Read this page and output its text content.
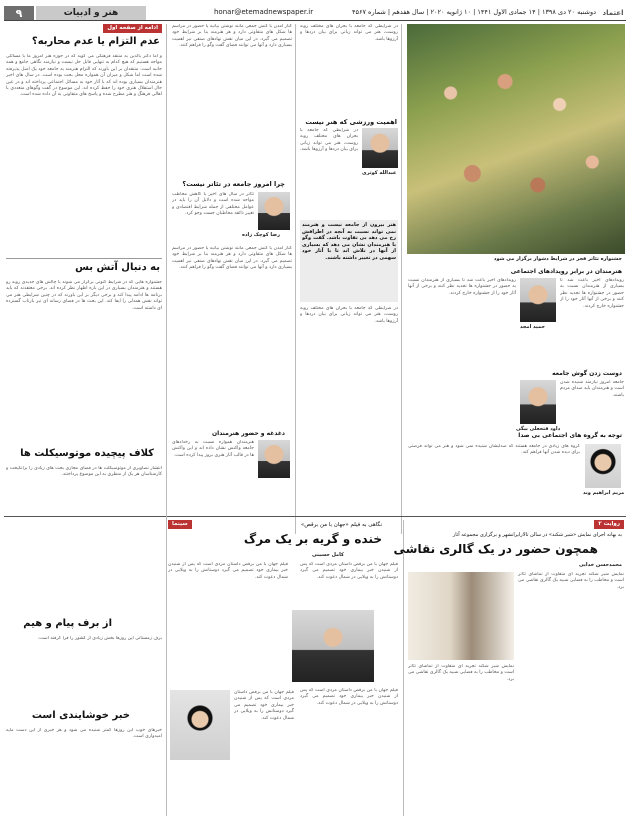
اعتماد
دوشنبه ۲۰ دی ۱۳۹۸ | ۱۴ جمادی الاول ۱۴۴۱ | ۱۰ ژانویه ۲۰۲۰ | سال هفدهم | شماره ۴۵۶۷
honar@etemadnewspaper.ir
هنر و ادبیات
۹
جشنواره تئاتر فجر در شرایط دشوار برگزار می شود
هنرمندان در برابر رویدادهای اجتماعی
حمید امجد
رویدادهای اخیر باعث شد تا بسیاری از هنرمندان نسبت به حضور در جشنواره ها تجدید نظر کنند و برخی از آنها آثار خود را از جشنواره خارج کردند.
رویدادهای اخیر باعث شد تا بسیاری از هنرمندان نسبت به حضور در جشنواره ها تجدید نظر کنند و برخی از آنها آثار خود را از جشنواره خارج کردند.
دوست زدن گوش جامعه
داود فتحعلی بیگی
جامعه امروز نیازمند شنیده شدن است و هنرمندان باید صدای مردم باشند.
توجه به گروه های اجتماعی بی صدا
مریم ابراهیم وند
گروه های زیادی در جامعه هستند که صدایشان شنیده نمی شود و هنر می تواند فرصتی برای دیده شدن آنها فراهم کند.
در شرایطی که جامعه با بحران های مختلف روبه روست، هنر می تواند زبانی برای بیان دردها و آرزوها باشد.
اهمیت ورزشی که هنر نیست
عبدالله کوثری
در شرایطی که جامعه با بحران های مختلف روبه روست، هنر می تواند زبانی برای بیان دردها و آرزوها باشد.
هنر بیرون از جامعه نیست و هنرمند نمی تواند نسبت به آنچه در اطرافش رخ می دهد بی تفاوت باشد. گفت وگو با هنرمندان نشان می دهد که بسیاری از آنها در تلاش اند تا با آثار خود سهمی در تغییر داشته باشند.
در شرایطی که جامعه با بحران های مختلف روبه روست، هنر می تواند زبانی برای بیان دردها و آرزوها باشد.
کنار آمدن با کنش جمعی مانند نوشتن بیانیه یا حضور در مراسم ها شکل های متفاوتی دارد و هر هنرمند بنا بر شرایط خود تصمیم می گیرد. در این میان نقش نهادهای صنفی نیز اهمیت بسیاری دارد و آنها می توانند فضای گفت وگو را فراهم کنند.
چرا امروز جامعه در تئاتر نیست؟
رضا کوچک زاده
تئاتر در سال های اخیر با کاهش مخاطب مواجه شده است و دلایل آن را باید در عوامل مختلفی از جمله شرایط اقتصادی و تغییر ذائقه مخاطبان جست وجو کرد.
کنار آمدن با کنش جمعی مانند نوشتن بیانیه یا حضور در مراسم ها شکل های متفاوتی دارد و هر هنرمند بنا بر شرایط خود تصمیم می گیرد. در این میان نقش نهادهای صنفی نیز اهمیت بسیاری دارد و آنها می توانند فضای گفت وگو را فراهم کنند.
دغدغه و حضور هنرمندان
هنرمندان همواره نسبت به رخدادهای جامعه واکنش نشان داده اند و این واکنش ها در قالب آثار هنری بروز پیدا کرده است.
ادامه از صفحه اول
عدم التزام یا عدم محاربه؟
و اما دکتر بالدین به منتقد فرهنگی می گوید که در حوزه هنر امروز ما با مسائلی مواجه هستیم که هیچ کدام به تنهایی قابل حل نیست و نیازمند نگاهی جامع و همه جانبه است. منتقدان بر این باورند که التزام هنرمند به جامعه خود یک اصل پذیرفته شده است اما شکل و میزان آن همواره محل بحث بوده است. در سال های اخیر هنرمندان بسیاری بوده اند که با آثار خود به مسائل اجتماعی پرداخته اند و در عین حال استقلال هنری خود را حفظ کرده اند. این موضوع در گفت وگوهای متعددی با اهالی فرهنگ و هنر مطرح شده و پاسخ های متفاوتی به آن داده شده است.
به دنبال آتش بس
جشنواره هایی که در شرایط کنونی برگزار می شوند با چالش های جدیدی روبه رو هستند و هنرمندان بسیاری در این باره اظهار نظر کرده اند. برخی معتقدند که باید برنامه ها ادامه پیدا کند و برخی دیگر بر این باورند که در چنین شرایطی هنر می تواند نقش همدلی را ایفا کند. این بحث ها در فضای رسانه ای نیز بازتاب گسترده ای داشته است.
کلاف پیچیده موتوسیکلت ها
انتشار تصاویری از موتوسیکلت ها در فضای مجازی بحث های زیادی را برانگیخت و کارشناسان هر یک از منظری به این موضوع پرداختند.
از برف پیام و هیم
برف زمستانی این روزها بخش زیادی از کشور را فرا گرفته است.
خبر خوشایندی است
خبرهای خوب این روزها کمتر شنیده می شود و هر خبری از این دست مایه امیدواری است.
سینما	نگاهی به فیلم «جهان با من برقص»
خنده و گریه بر یک مرگ
کامل حسینی
فیلم جهان با من برقص داستان مردی است که پس از شنیدن خبر بیماری خود تصمیم می گیرد دوستانش را به ویلایی در شمال دعوت کند.
فیلم جهان با من برقص داستان مردی است که پس از شنیدن خبر بیماری خود تصمیم می گیرد دوستانش را به ویلایی در شمال دعوت کند.
فیلم جهان با من برقص داستان مردی است که پس از شنیدن خبر بیماری خود تصمیم می گیرد دوستانش را به ویلایی در شمال دعوت کند.
فیلم جهان با من برقص داستان مردی است که پس از شنیدن خبر بیماری خود تصمیم می گیرد دوستانش را به ویلایی در شمال دعوت کند.
روایت ۲
به بهانه اجرای نمایش «شیر شکند» در سالن تالارایرانشهر و برگزاری مجموعه آثار
همچون حضور در یک گالری نقاشی
محمدحسن خدایی
نمایش شیر شکند تجربه ای متفاوت از تماشای تئاتر است و مخاطب را به فضایی شبیه یک گالری نقاشی می برد.
نمایش شیر شکند تجربه ای متفاوت از تماشای تئاتر است و مخاطب را به فضایی شبیه یک گالری نقاشی می برد.
